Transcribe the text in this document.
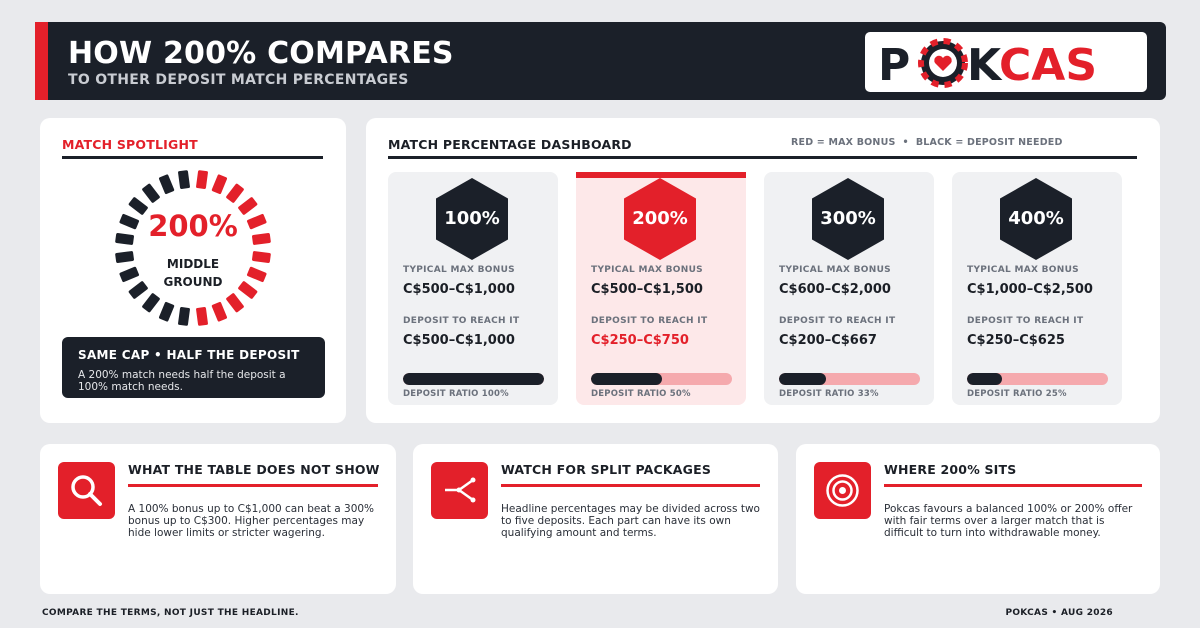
HOW 200% COMPARES
TO OTHER DEPOSIT MATCH PERCENTAGES	P K
CAS
MATCH SPOTLIGHT
200%
MIDDLE
GROUND
SAME CAP • HALF THE DEPOSIT
A 200% match needs half the deposit a 100% match needs.
MATCH PERCENTAGE DASHBOARD	RED = MAX BONUS  •  BLACK = DEPOSIT NEEDED
100%
TYPICAL MAX BONUS
C$500–C$1,000
DEPOSIT TO REACH IT
C$500–C$1,000
DEPOSIT RATIO 100%
200%
TYPICAL MAX BONUS
C$500–C$1,500
DEPOSIT TO REACH IT
C$250–C$750
DEPOSIT RATIO 50%
300%
TYPICAL MAX BONUS
C$600–C$2,000
DEPOSIT TO REACH IT
C$200–C$667
DEPOSIT RATIO 33%
400%
TYPICAL MAX BONUS
C$1,000–C$2,500
DEPOSIT TO REACH IT
C$250–C$625
DEPOSIT RATIO 25%
WHAT THE TABLE DOES NOT SHOW
A 100% bonus up to C$1,000 can beat a 300% bonus up to C$300. Higher percentages may hide lower limits or stricter wagering.
WATCH FOR SPLIT PACKAGES
Headline percentages may be divided across two to five deposits. Each part can have its own qualifying amount and terms.
WHERE 200% SITS
Pokcas favours a balanced 100% or 200% offer with fair terms over a larger match that is difficult to turn into withdrawable money.
COMPARE THE TERMS, NOT JUST THE HEADLINE.	POKCAS • AUG 2026
